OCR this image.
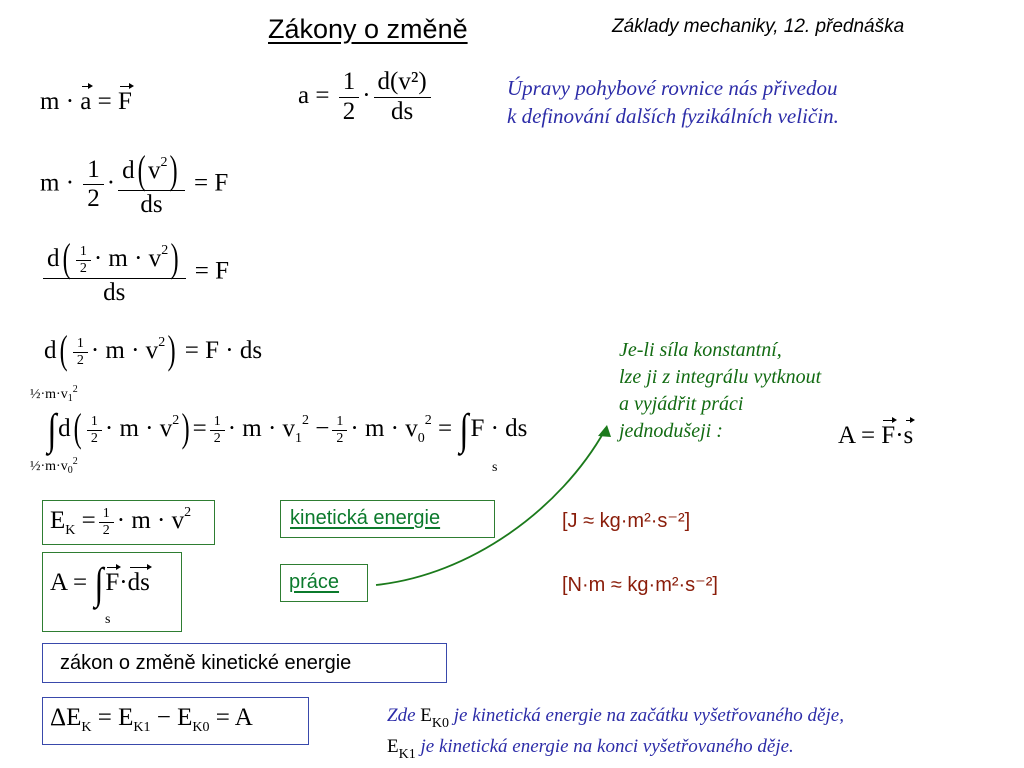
Zákony o změně	Základy mechaniky, 12. přednáška
m · a = F	$a = \frac{1}{2} \cdot \frac{\text{d(v²)}}{ds}$	Úpravy pohybové rovnice nás přivedou
k definování dalších fyzikálních veličin.
$m \cdot \frac{1}{2} \cdot \frac{d( v^2)}{ds} = F$
$\frac{d( \frac{1}{2} \cdot m \cdot v^2)}{ds} = F$
$d( \frac{1}{2} \cdot m \cdot v^2) = F$ · ds
$\frac{1}{2}\cdot m\cdot v_1^2$
$\frac{1}{2}\cdot m\cdot v_0^2$
$\int d( \frac{1}{2} \cdot m \cdot v^2) = \frac{1}{2} \cdot m \cdot v_1^2 - \frac{1}{2} \cdot m \cdot v_0^2 = \int F$ · ds
s
Je-li síla konstantní,
lze ji z integrálu vytknout
a vyjádřit práci
jednodušeji :	A = F·s
$E_K = \frac{1}{2} \cdot m \cdot v^2$	kinetická energie	[J ≈ kg·m²·s⁻²]
A = ∫F·ds
s
práce	[N·m ≈ kg·m²·s⁻²]
zákon o změně kinetické energie
$\Delta E_K = E_{K1} - E_{K0} = A$	Zde $E_{K0}$ je kinetická energie na začátku vyšetřovaného děje,
$E_{K1}$ je kinetická energie na konci vyšetřovaného děje.
